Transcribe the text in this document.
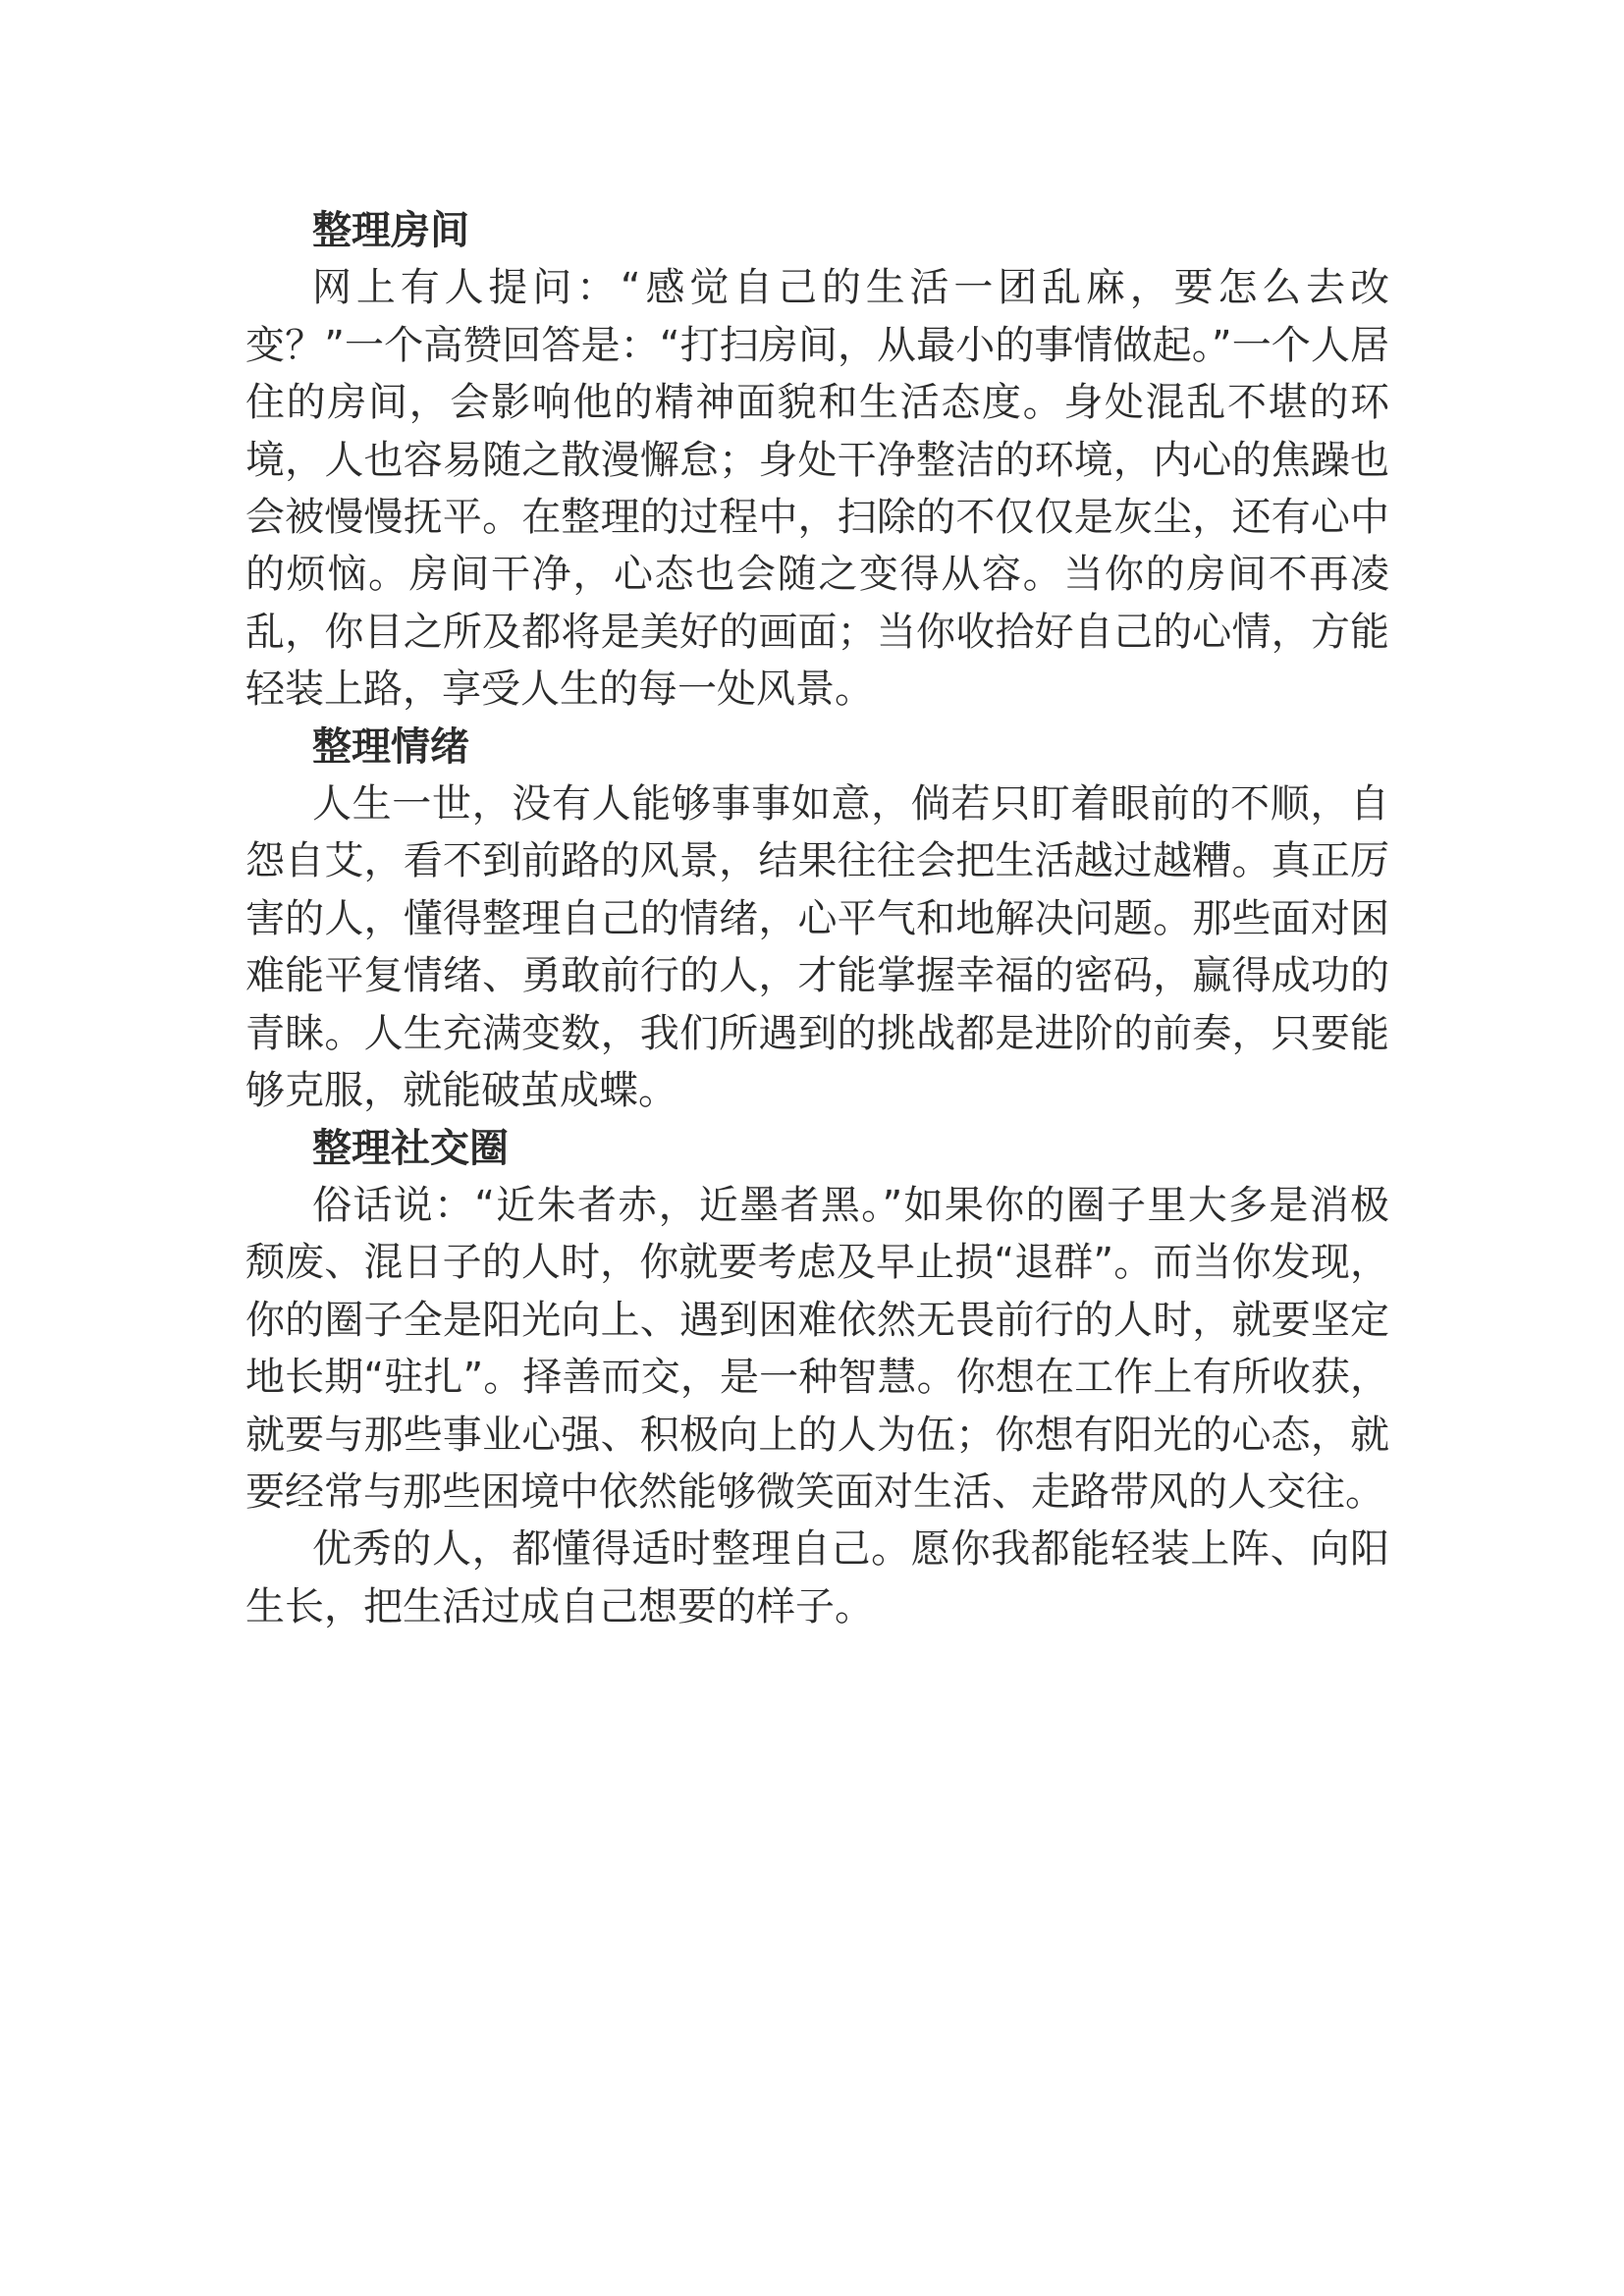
整理房间

网上有人提问：“感觉自己的生活一团乱麻，要怎么去改变？”一个高赞回答是：“打扫房间，从最小的事情做起。”一个人居住的房间，会影响他的精神面貌和生活态度。身处混乱不堪的环境，人也容易随之散漫懈怠；身处干净整洁的环境，内心的焦躁也会被慢慢抚平。在整理的过程中，扫除的不仅仅是灰尘，还有心中的烦恼。房间干净，心态也会随之变得从容。当你的房间不再凌乱，你目之所及都将是美好的画面；当你收拾好自己的心情，方能轻装上路，享受人生的每一处风景。

整理情绪

人生一世，没有人能够事事如意，倘若只盯着眼前的不顺，自怨自艾，看不到前路的风景，结果往往会把生活越过越糟。真正厉害的人，懂得整理自己的情绪，心平气和地解决问题。那些面对困难能平复情绪、勇敢前行的人，才能掌握幸福的密码，赢得成功的青睐。人生充满变数，我们所遇到的挑战都是进阶的前奏，只要能够克服，就能破茧成蝶。

整理社交圈

俗话说：“近朱者赤，近墨者黑。”如果你的圈子里大多是消极颓废、混日子的人时，你就要考虑及早止损“退群”。而当你发现，你的圈子全是阳光向上、遇到困难依然无畏前行的人时，就要坚定地长期“驻扎”。择善而交，是一种智慧。你想在工作上有所收获，就要与那些事业心强、积极向上的人为伍；你想有阳光的心态，就要经常与那些困境中依然能够微笑面对生活、走路带风的人交往。

优秀的人，都懂得适时整理自己。愿你我都能轻装上阵、向阳生长，把生活过成自己想要的样子。
